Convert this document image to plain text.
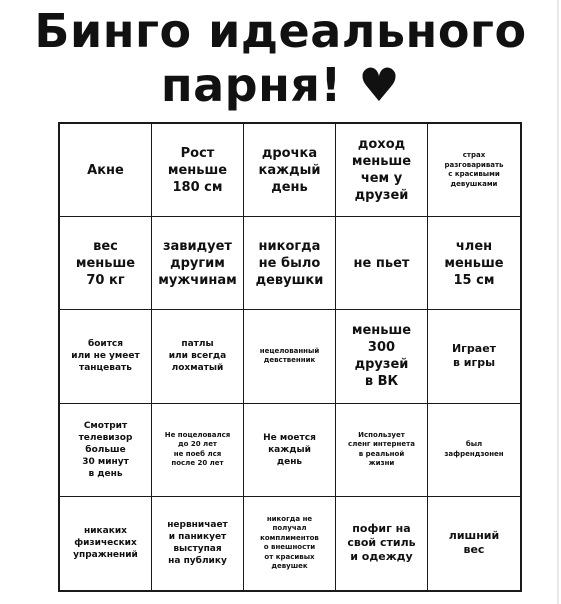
Бинго идеального
парня! ♥
Акне
Рост
меньше
180 см
дрочка
каждый
день
доход
меньше
чем у
друзей
страх
разговаривать
с красивыми
девушками
вес
меньше
70 кг
завидует
другим
мужчинам
никогда
не было
девушки
не пьет
член
меньше
15 см
боится
или не умеет
танцевать
патлы
или всегда
лохматый
нецелованный
девственник
меньше
300 друзей
в ВК
Играет
в игры
Смотрит
телевизор
больше
30 минут
в день
Не поцеловался
до 20 лет
не поеб лся
после 20 лет
Не моется
каждый
день
Использует
сленг интернета
в реальной
жизни
был
зафрендзонен
никаких
физических
упражнений
нервничает
и паникует
выступая
на публику
никогда не
получал
комплиментов
о внешности
от красивых
девушек
пофиг на
свой стиль
и одежду
лишний
вес
